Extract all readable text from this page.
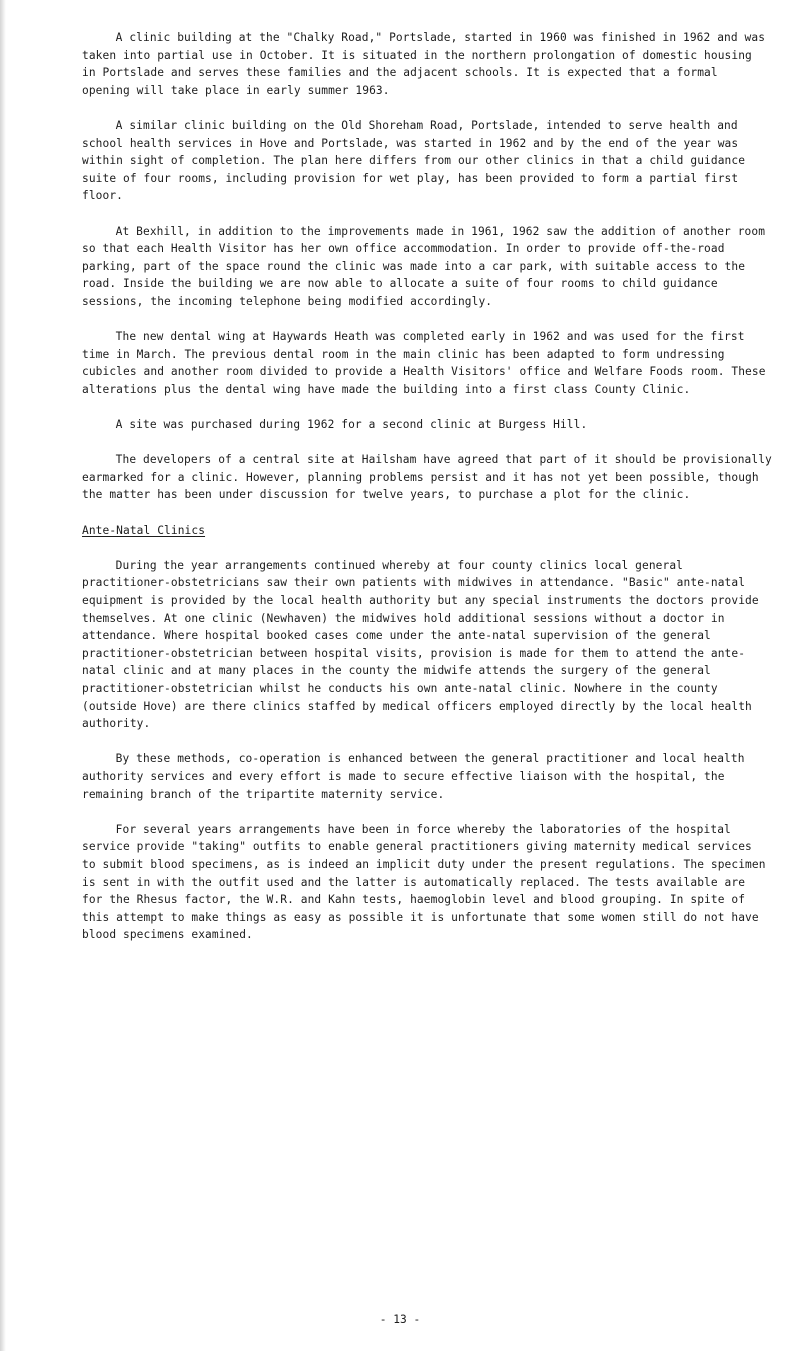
A clinic building at the "Chalky Road," Portslade, started in 1960 was finished in 1962 and was taken into partial use in October. It is situated in the northern prolongation of domestic housing in Portslade and serves these families and the adjacent schools. It is expected that a formal opening will take place in early summer 1963.

A similar clinic building on the Old Shoreham Road, Portslade, intended to serve health and school health services in Hove and Portslade, was started in 1962 and by the end of the year was within sight of completion. The plan here differs from our other clinics in that a child guidance suite of four rooms, including provision for wet play, has been provided to form a partial first floor.

At Bexhill, in addition to the improvements made in 1961, 1962 saw the addition of another room so that each Health Visitor has her own office accommodation. In order to provide off-the-road parking, part of the space round the clinic was made into a car park, with suitable access to the road. Inside the building we are now able to allocate a suite of four rooms to child guidance sessions, the incoming telephone being modified accordingly.

The new dental wing at Haywards Heath was completed early in 1962 and was used for the first time in March. The previous dental room in the main clinic has been adapted to form undressing cubicles and another room divided to provide a Health Visitors' office and Welfare Foods room. These alterations plus the dental wing have made the building into a first class County Clinic.

A site was purchased during 1962 for a second clinic at Burgess Hill.

The developers of a central site at Hailsham have agreed that part of it should be provisionally earmarked for a clinic. However, planning problems persist and it has not yet been possible, though the matter has been under discussion for twelve years, to purchase a plot for the clinic.

Ante-Natal Clinics

During the year arrangements continued whereby at four county clinics local general practitioner-obstetricians saw their own patients with midwives in attendance. "Basic" ante-natal equipment is provided by the local health authority but any special instruments the doctors provide themselves. At one clinic (Newhaven) the midwives hold additional sessions without a doctor in attendance. Where hospital booked cases come under the ante-natal supervision of the general practitioner-obstetrician between hospital visits, provision is made for them to attend the ante-natal clinic and at many places in the county the midwife attends the surgery of the general practitioner-obstetrician whilst he conducts his own ante-natal clinic. Nowhere in the county (outside Hove) are there clinics staffed by medical officers employed directly by the local health authority.

By these methods, co-operation is enhanced between the general practitioner and local health authority services and every effort is made to secure effective liaison with the hospital, the remaining branch of the tripartite maternity service.

For several years arrangements have been in force whereby the laboratories of the hospital service provide "taking" outfits to enable general practitioners giving maternity medical services to submit blood specimens, as is indeed an implicit duty under the present regulations. The specimen is sent in with the outfit used and the latter is automatically replaced. The tests available are for the Rhesus factor, the W.R. and Kahn tests, haemoglobin level and blood grouping. In spite of this attempt to make things as easy as possible it is unfortunate that some women still do not have blood specimens examined.

- 13 -
